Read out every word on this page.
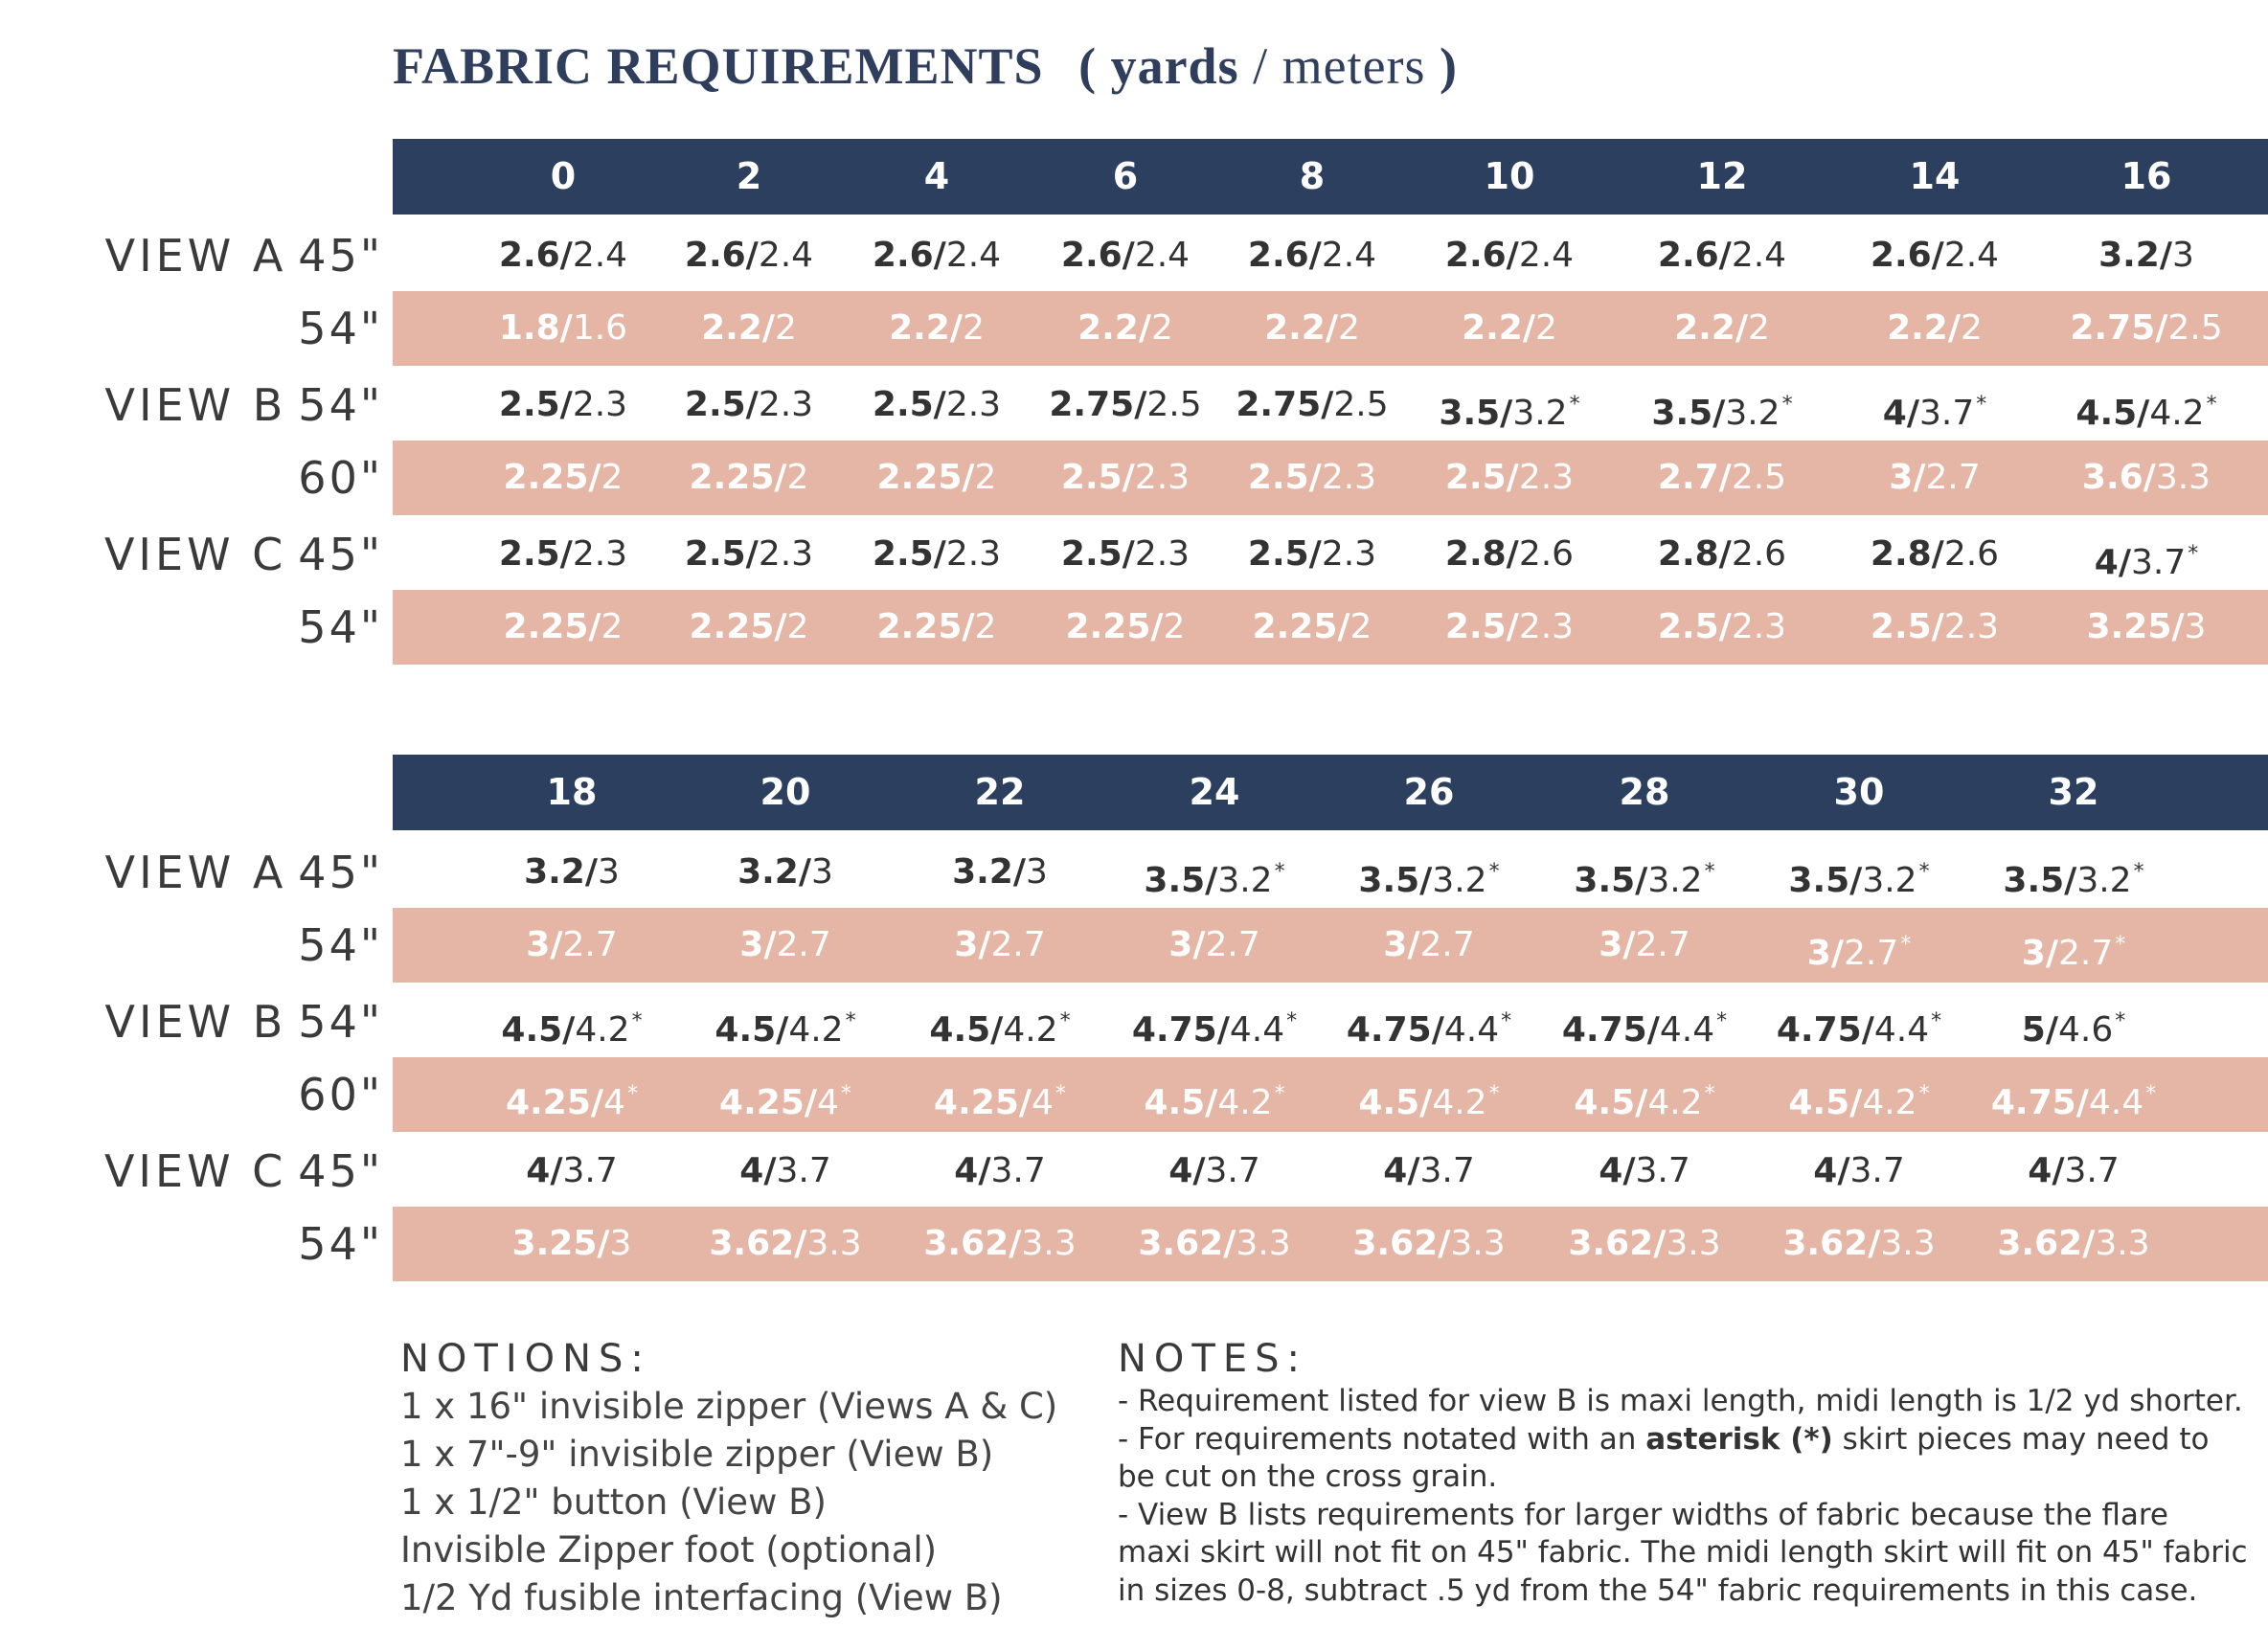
FABRIC REQUIREMENTS ( yards / meters )
0	2	4	6	8	10	12	14	16
VIEW A 45"	2.6/2.4 2.6/2.4 2.6/2.4 2.6/2.4 2.6/2.4 2.6/2.4 2.6/2.4 2.6/2.4	3.2/3
54"	1.8/1.6 2.2/2	2.2/2	2.2/2	2.2/2	2.2/2	2.2/2	2.2/2	2.75/2.5
VIEW B 54"	2.5/2.3 2.5/2.3 2.5/2.3 2.75/2.5 2.75/2.5 3.5/3.2* 3.5/3.2*	4/3.7*	4.5/4.2*
60"	2.25/2 2.25/2 2.25/2 2.5/2.3 2.5/2.3 2.5/2.3 2.7/2.5	3/2.7	3.6/3.3
VIEW C 45"	2.5/2.3 2.5/2.3 2.5/2.3 2.5/2.3 2.5/2.3 2.8/2.6 2.8/2.6 2.8/2.6	4/3.7*
54"	2.25/2 2.25/2 2.25/2 2.25/2 2.25/2 2.5/2.3 2.5/2.3 2.5/2.3	3.25/3
18	20	22	24	26	28	30	32
VIEW A 45"	3.2/3	3.2/3	3.2/3	3.5/3.2* 3.5/3.2* 3.5/3.2* 3.5/3.2* 3.5/3.2*
54"	3/2.7	3/2.7	3/2.7	3/2.7	3/2.7	3/2.7	3/2.7*	3/2.7*
VIEW B 54"	4.5/4.2* 4.5/4.2* 4.5/4.2* 4.75/4.4* 4.75/4.4* 4.75/4.4* 4.75/4.4* 5/4.6*
60"	4.25/4* 4.25/4* 4.25/4* 4.5/4.2* 4.5/4.2* 4.5/4.2* 4.5/4.2* 4.75/4.4*
VIEW C 45"	4/3.7	4/3.7	4/3.7	4/3.7	4/3.7	4/3.7	4/3.7	4/3.7
54"	3.25/3 3.62/3.3 3.62/3.3 3.62/3.3 3.62/3.3 3.62/3.3 3.62/3.3 3.62/3.3
NOTIONS:
1 x 16" invisible zipper (Views A & C)
1 x 7"-9" invisible zipper (View B)
1 x 1/2" button (View B)
Invisible Zipper foot (optional)
1/2 Yd fusible interfacing (View B)
NOTES:
- Requirement listed for view B is maxi length, midi length is 1/2 yd shorter.
- For requirements notated with an asterisk (*) skirt pieces may need to be cut on the cross grain.
- View B lists requirements for larger widths of fabric because the flare maxi skirt will not fit on 45" fabric. The midi length skirt will fit on 45" fabric in sizes 0-8, subtract .5 yd from the 54" fabric requirements in this case.
